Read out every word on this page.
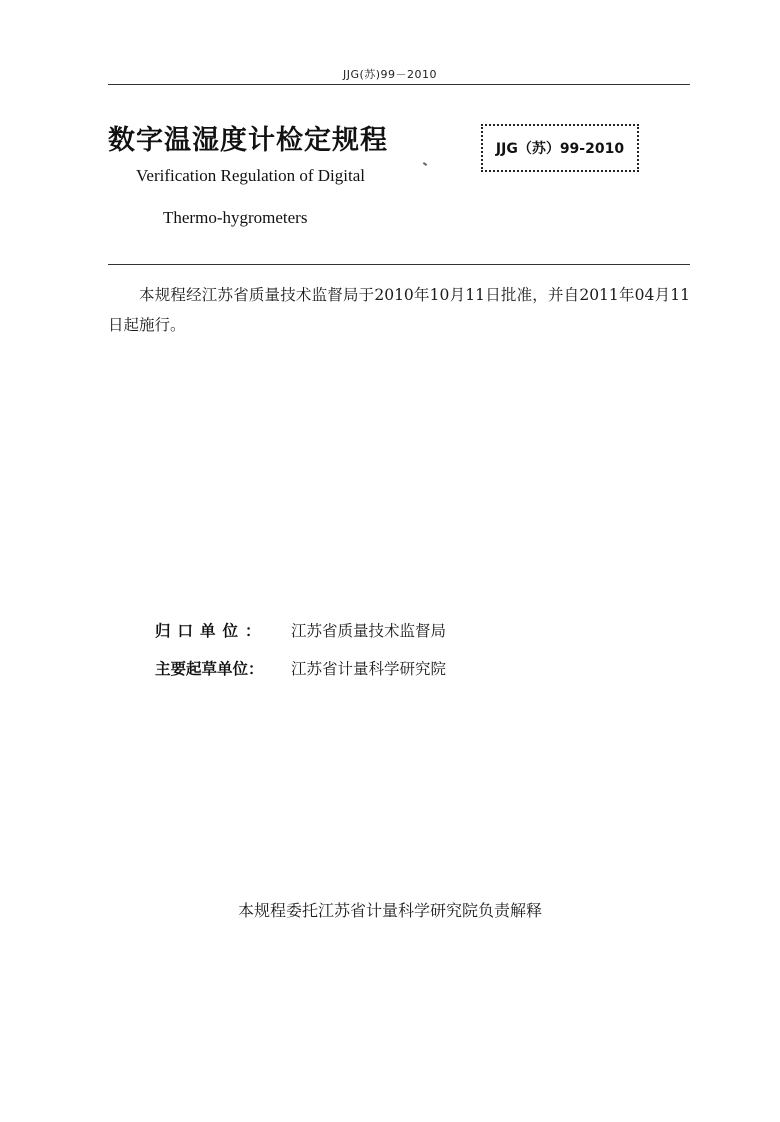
JJG(苏)99－2010
数字温湿度计检定规程
Verification Regulation of Digital
Thermo-hygrometers
JJG（苏）99-2010
本规程经江苏省质量技术监督局于2010年10月11日批准，并自2011年04月11日起施行。
归口单位：	江苏省质量技术监督局
主要起草单位：	江苏省计量科学研究院
本规程委托江苏省计量科学研究院负责解释
